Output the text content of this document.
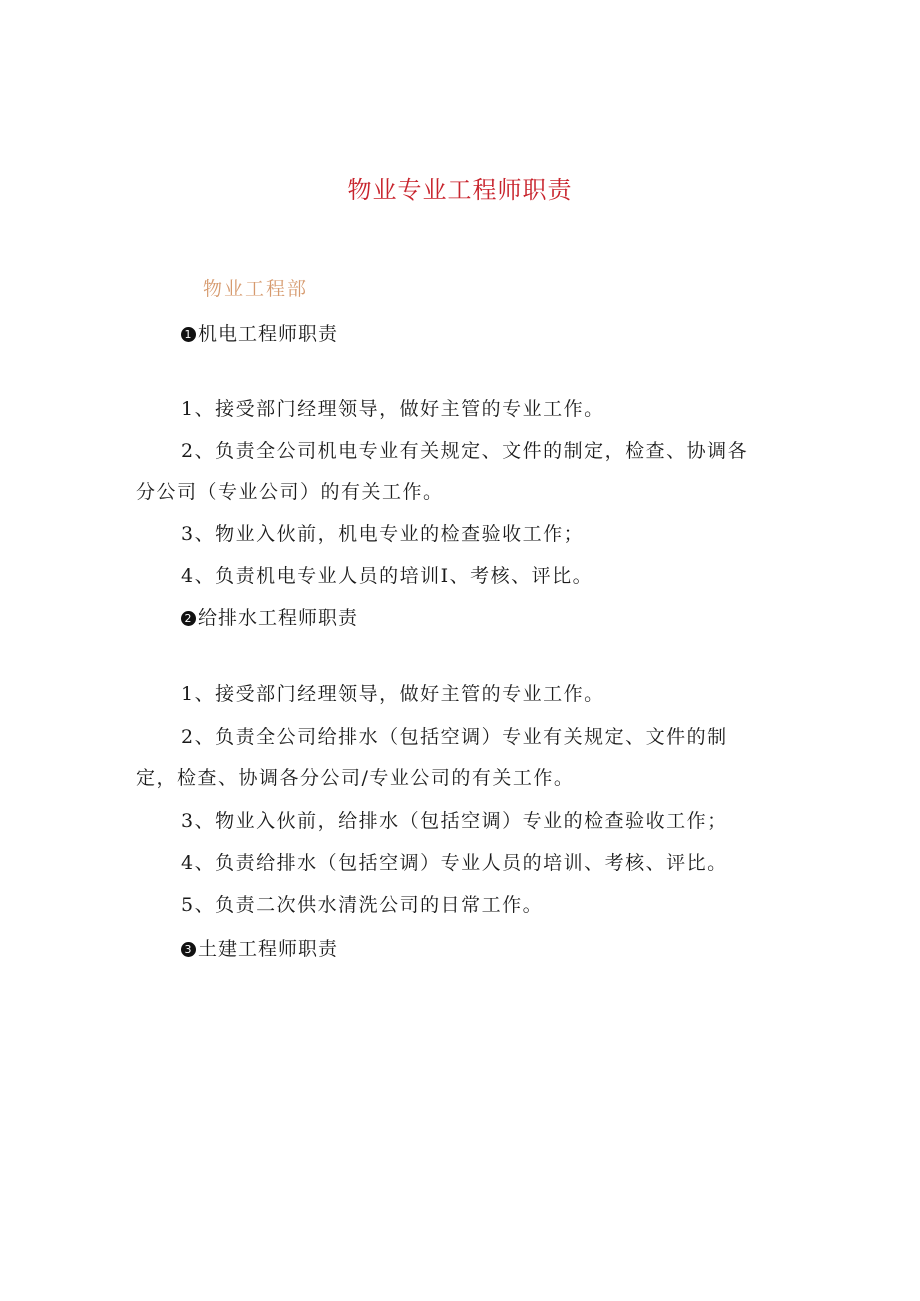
物业专业工程师职责
物业工程部
1 机电工程师职责
1、接受部门经理领导，做好主管的专业工作。
2、负责全公司机电专业有关规定、文件的制定，检查、协调各分公司（专业公司）的有关工作。
3、物业入伙前，机电专业的检查验收工作；
4、负责机电专业人员的培训I、考核、评比。
2 给排水工程师职责
1、接受部门经理领导，做好主管的专业工作。
2、负责全公司给排水（包括空调）专业有关规定、文件的制定，检查、协调各分公司/专业公司的有关工作。
3、物业入伙前，给排水（包括空调）专业的检查验收工作；
4、负责给排水（包括空调）专业人员的培训、考核、评比。
5、负责二次供水清洗公司的日常工作。
3 土建工程师职责
